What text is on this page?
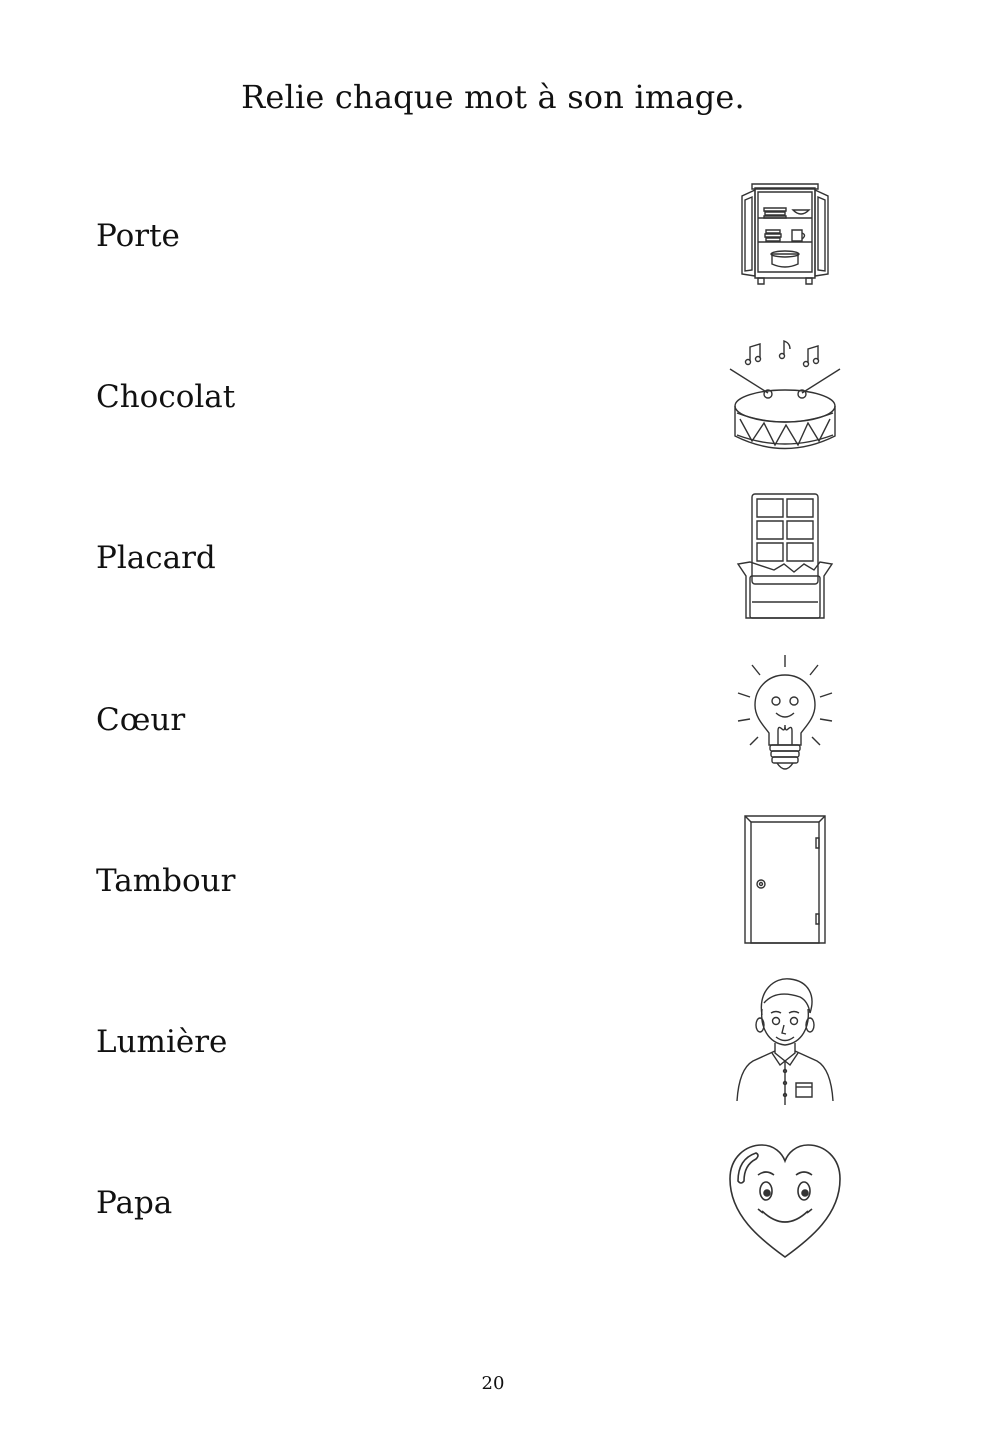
Relie chaque mot à son image.
Porte
Chocolat
Placard
Cœur
Tambour
Lumière
Papa
20
